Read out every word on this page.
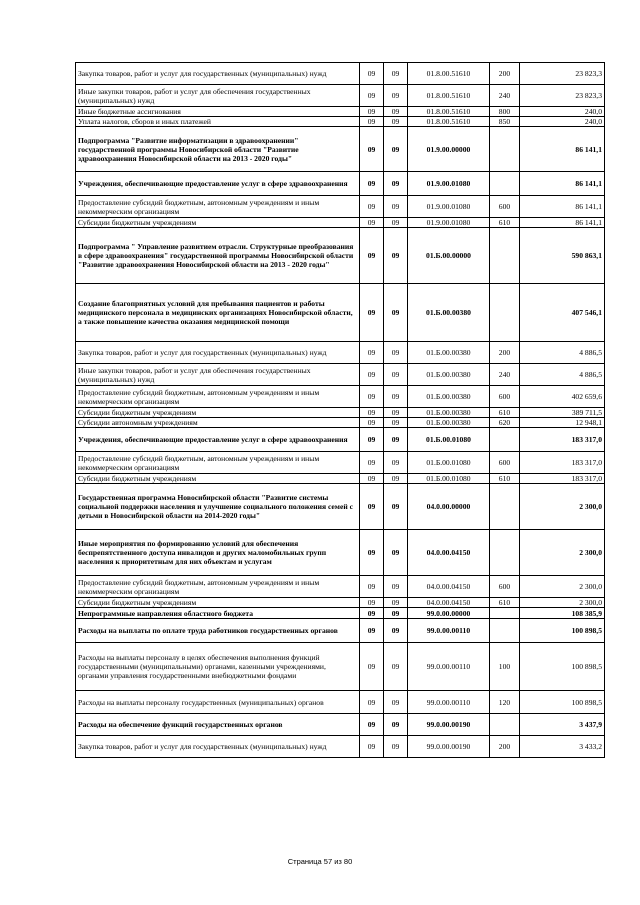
Закупка товаров, работ и услуг для государственных (муниципальных) нужд	09	09	01.8.00.51610	200	23 823,3
Иные закупки товаров, работ и услуг для обеспечения государственных (муниципальных) нужд	09	09	01.8.00.51610	240	23 823,3
Иные бюджетные ассигнования	09	09	01.8.00.51610	800	240,0
Уплата налогов, сборов и иных платежей	09	09	01.8.00.51610	850	240,0
Подпрограмма "Развитие информатизации в здравоохранении" государственной программы Новосибирской области "Развитие здравоохранения Новосибирской области на 2013 - 2020 годы"	09	09	01.9.00.00000		86 141,1
Учреждения, обеспечивающие предоставление услуг в сфере здравоохранения	09	09	01.9.00.01080		86 141,1
Предоставление субсидий бюджетным, автономным учреждениям и иным некоммерческим организациям	09	09	01.9.00.01080	600	86 141,1
Субсидии бюджетным учреждениям	09	09	01.9.00.01080	610	86 141,1
Подпрограмма " Управление развитием отрасли. Структурные преобразования в сфере здравоохранения" государственной программы Новосибирской области "Развитие здравоохранения Новосибирской области на 2013 - 2020 годы"	09	09	01.Б.00.00000		590 863,1
Создание благоприятных условий для пребывания пациентов и работы медицинского персонала в медицинских организациях Новосибирской области, а также повышение качества оказания медицинской помощи	09	09	01.Б.00.00380		407 546,1
Закупка товаров, работ и услуг для государственных (муниципальных) нужд	09	09	01.Б.00.00380	200	4 886,5
Иные закупки товаров, работ и услуг для обеспечения государственных (муниципальных) нужд	09	09	01.Б.00.00380	240	4 886,5
Предоставление субсидий бюджетным, автономным учреждениям и иным некоммерческим организациям	09	09	01.Б.00.00380	600	402 659,6
Субсидии бюджетным учреждениям	09	09	01.Б.00.00380	610	389 711,5
Субсидии автономным учреждениям	09	09	01.Б.00.00380	620	12 948,1
Учреждения, обеспечивающие предоставление услуг в сфере здравоохранения	09	09	01.Б.00.01080		183 317,0
Предоставление субсидий бюджетным, автономным учреждениям и иным некоммерческим организациям	09	09	01.Б.00.01080	600	183 317,0
Субсидии бюджетным учреждениям	09	09	01.Б.00.01080	610	183 317,0
Государственная программа Новосибирской области "Развитие системы социальной поддержки населения и улучшение социального положения семей с детьми в Новосибирской области на 2014-2020 годы"	09	09	04.0.00.00000		2 300,0
Иные мероприятия по формированию условий для обеспечения беспрепятственного доступа инвалидов и других маломобильных групп населения к приоритетным для них объектам и услугам	09	09	04.0.00.04150		2 300,0
Предоставление субсидий бюджетным, автономным учреждениям и иным некоммерческим организациям	09	09	04.0.00.04150	600	2 300,0
Субсидии бюджетным учреждениям	09	09	04.0.00.04150	610	2 300,0
Непрограммные направления областного бюджета	09	09	99.0.00.00000		108 385,9
Расходы на выплаты по оплате труда работников государственных органов	09	09	99.0.00.00110		100 898,5
Расходы на выплаты персоналу в целях обеспечения выполнения функций государственными (муниципальными) органами, казенными учреждениями, органами управления государственными внебюджетными фондами	09	09	99.0.00.00110	100	100 898,5
Расходы на выплаты персоналу государственных (муниципальных) органов	09	09	99.0.00.00110	120	100 898,5
Расходы на обеспечение функций государственных органов	09	09	99.0.00.00190		3 437,9
Закупка товаров, работ и услуг для государственных (муниципальных) нужд	09	09	99.0.00.00190	200	3 433,2
Страница 57 из 80
